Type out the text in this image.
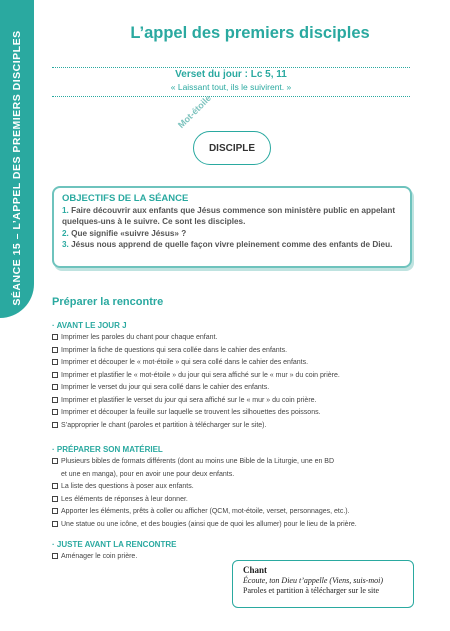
SÉANCE 15 – L’APPEL DES PREMIERS DISCIPLES	L’appel des premiers disciples
Verset du jour : Lc 5, 11
« Laissant tout, ils le suivirent. »
Mot-étoile
DISCIPLE
OBJECTIFS DE LA SÉANCE
1. Faire découvrir aux enfants que Jésus commence son ministère public en appelant quelques-uns à le suivre. Ce sont les disciples.
2. Que signifie «suivre Jésus» ?
3. Jésus nous apprend de quelle façon vivre pleinement comme des enfants de Dieu.
Préparer la rencontre
· AVANT LE JOUR J
Imprimer les paroles du chant pour chaque enfant.
Imprimer la fiche de questions qui sera collée dans le cahier des enfants.
Imprimer et découper le « mot-étoile » qui sera collé dans le cahier des enfants.
Imprimer et plastifier le « mot-étoile » du jour qui sera affiché sur le « mur » du coin prière.
Imprimer le verset du jour qui sera collé dans le cahier des enfants.
Imprimer et plastifier le verset du jour qui sera affiché sur le « mur » du coin prière.
Imprimer et découper la feuille sur laquelle se trouvent les silhouettes des poissons.
S’approprier le chant (paroles et partition à télécharger sur le site).
· PRÉPARER SON MATÉRIEL
Plusieurs bibles de formats différents (dont au moins une Bible de la Liturgie, une en BD
et une en manga), pour en avoir une pour deux enfants.
La liste des questions à poser aux enfants.
Les éléments de réponses à leur donner.
Apporter les éléments, prêts à coller ou afficher (QCM, mot-étoile, verset, personnages, etc.).
Une statue ou une icône, et des bougies (ainsi que de quoi les allumer) pour le lieu de la prière.
· JUSTE AVANT LA RENCONTRE
Aménager le coin prière.
Chant
Écoute, ton Dieu t’appelle (Viens, suis-moi)
Paroles et partition à télécharger sur le site
